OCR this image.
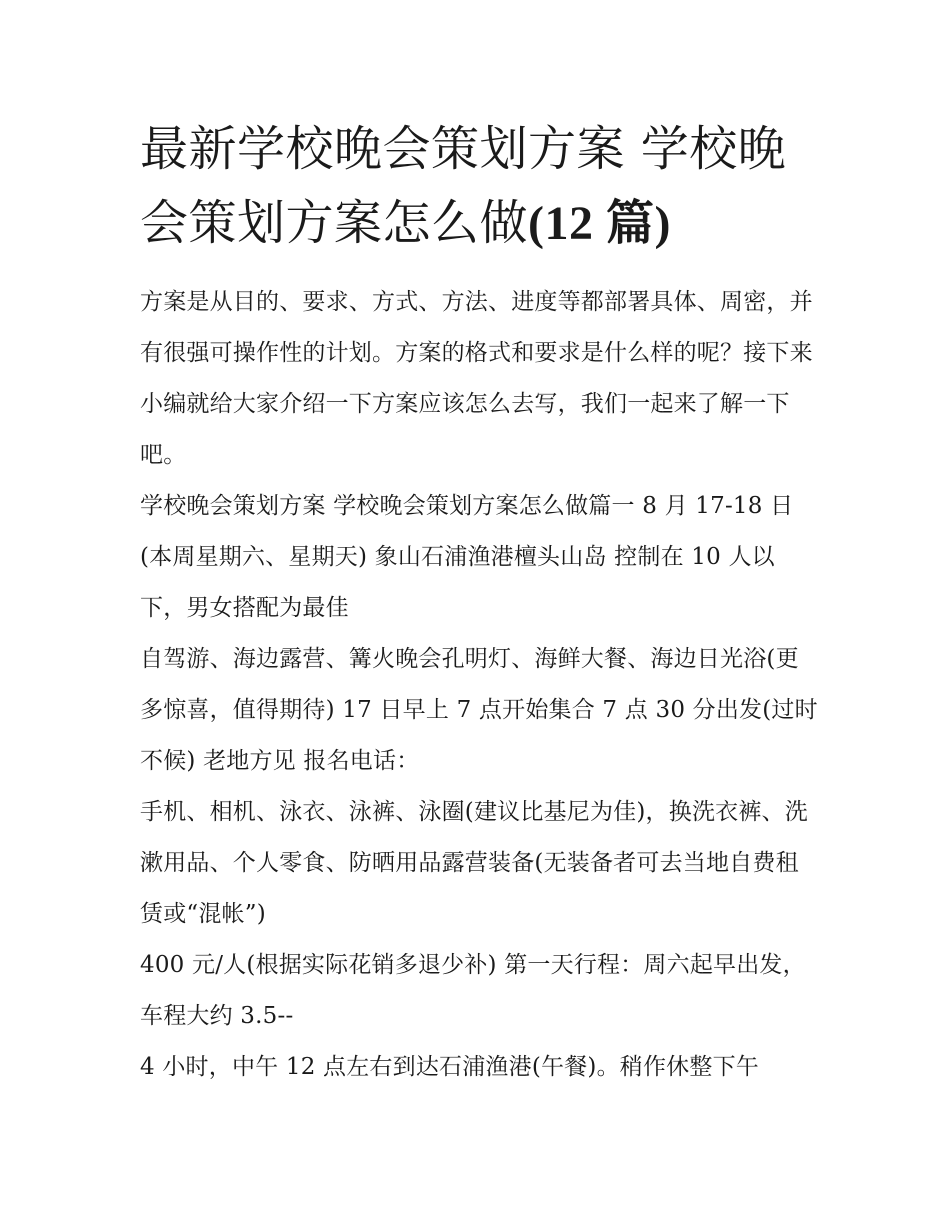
最新学校晚会策划方案 学校晚会策划方案怎么做(12 篇)

方案是从目的、要求、方式、方法、进度等都部署具体、周密，并有很强可操作性的计划。方案的格式和要求是什么样的呢？接下来小编就给大家介绍一下方案应该怎么去写，我们一起来了解一下吧。

学校晚会策划方案 学校晚会策划方案怎么做篇一 8 月 17-18 日(本周星期六、星期天) 象山石浦渔港檀头山岛 控制在 10 人以下，男女搭配为最佳

自驾游、海边露营、篝火晚会孔明灯、海鲜大餐、海边日光浴(更多惊喜，值得期待) 17 日早上 7 点开始集合 7 点 30 分出发(过时不候) 老地方见 报名电话：

手机、相机、泳衣、泳裤、泳圈(建议比基尼为佳)，换洗衣裤、洗漱用品、个人零食、防晒用品露营装备(无装备者可去当地自费租赁或“混帐”)

400 元/人(根据实际花销多退少补) 第一天行程：周六起早出发，车程大约 3.5--

4 小时，中午 12 点左右到达石浦渔港(午餐)。稍作休整下午
